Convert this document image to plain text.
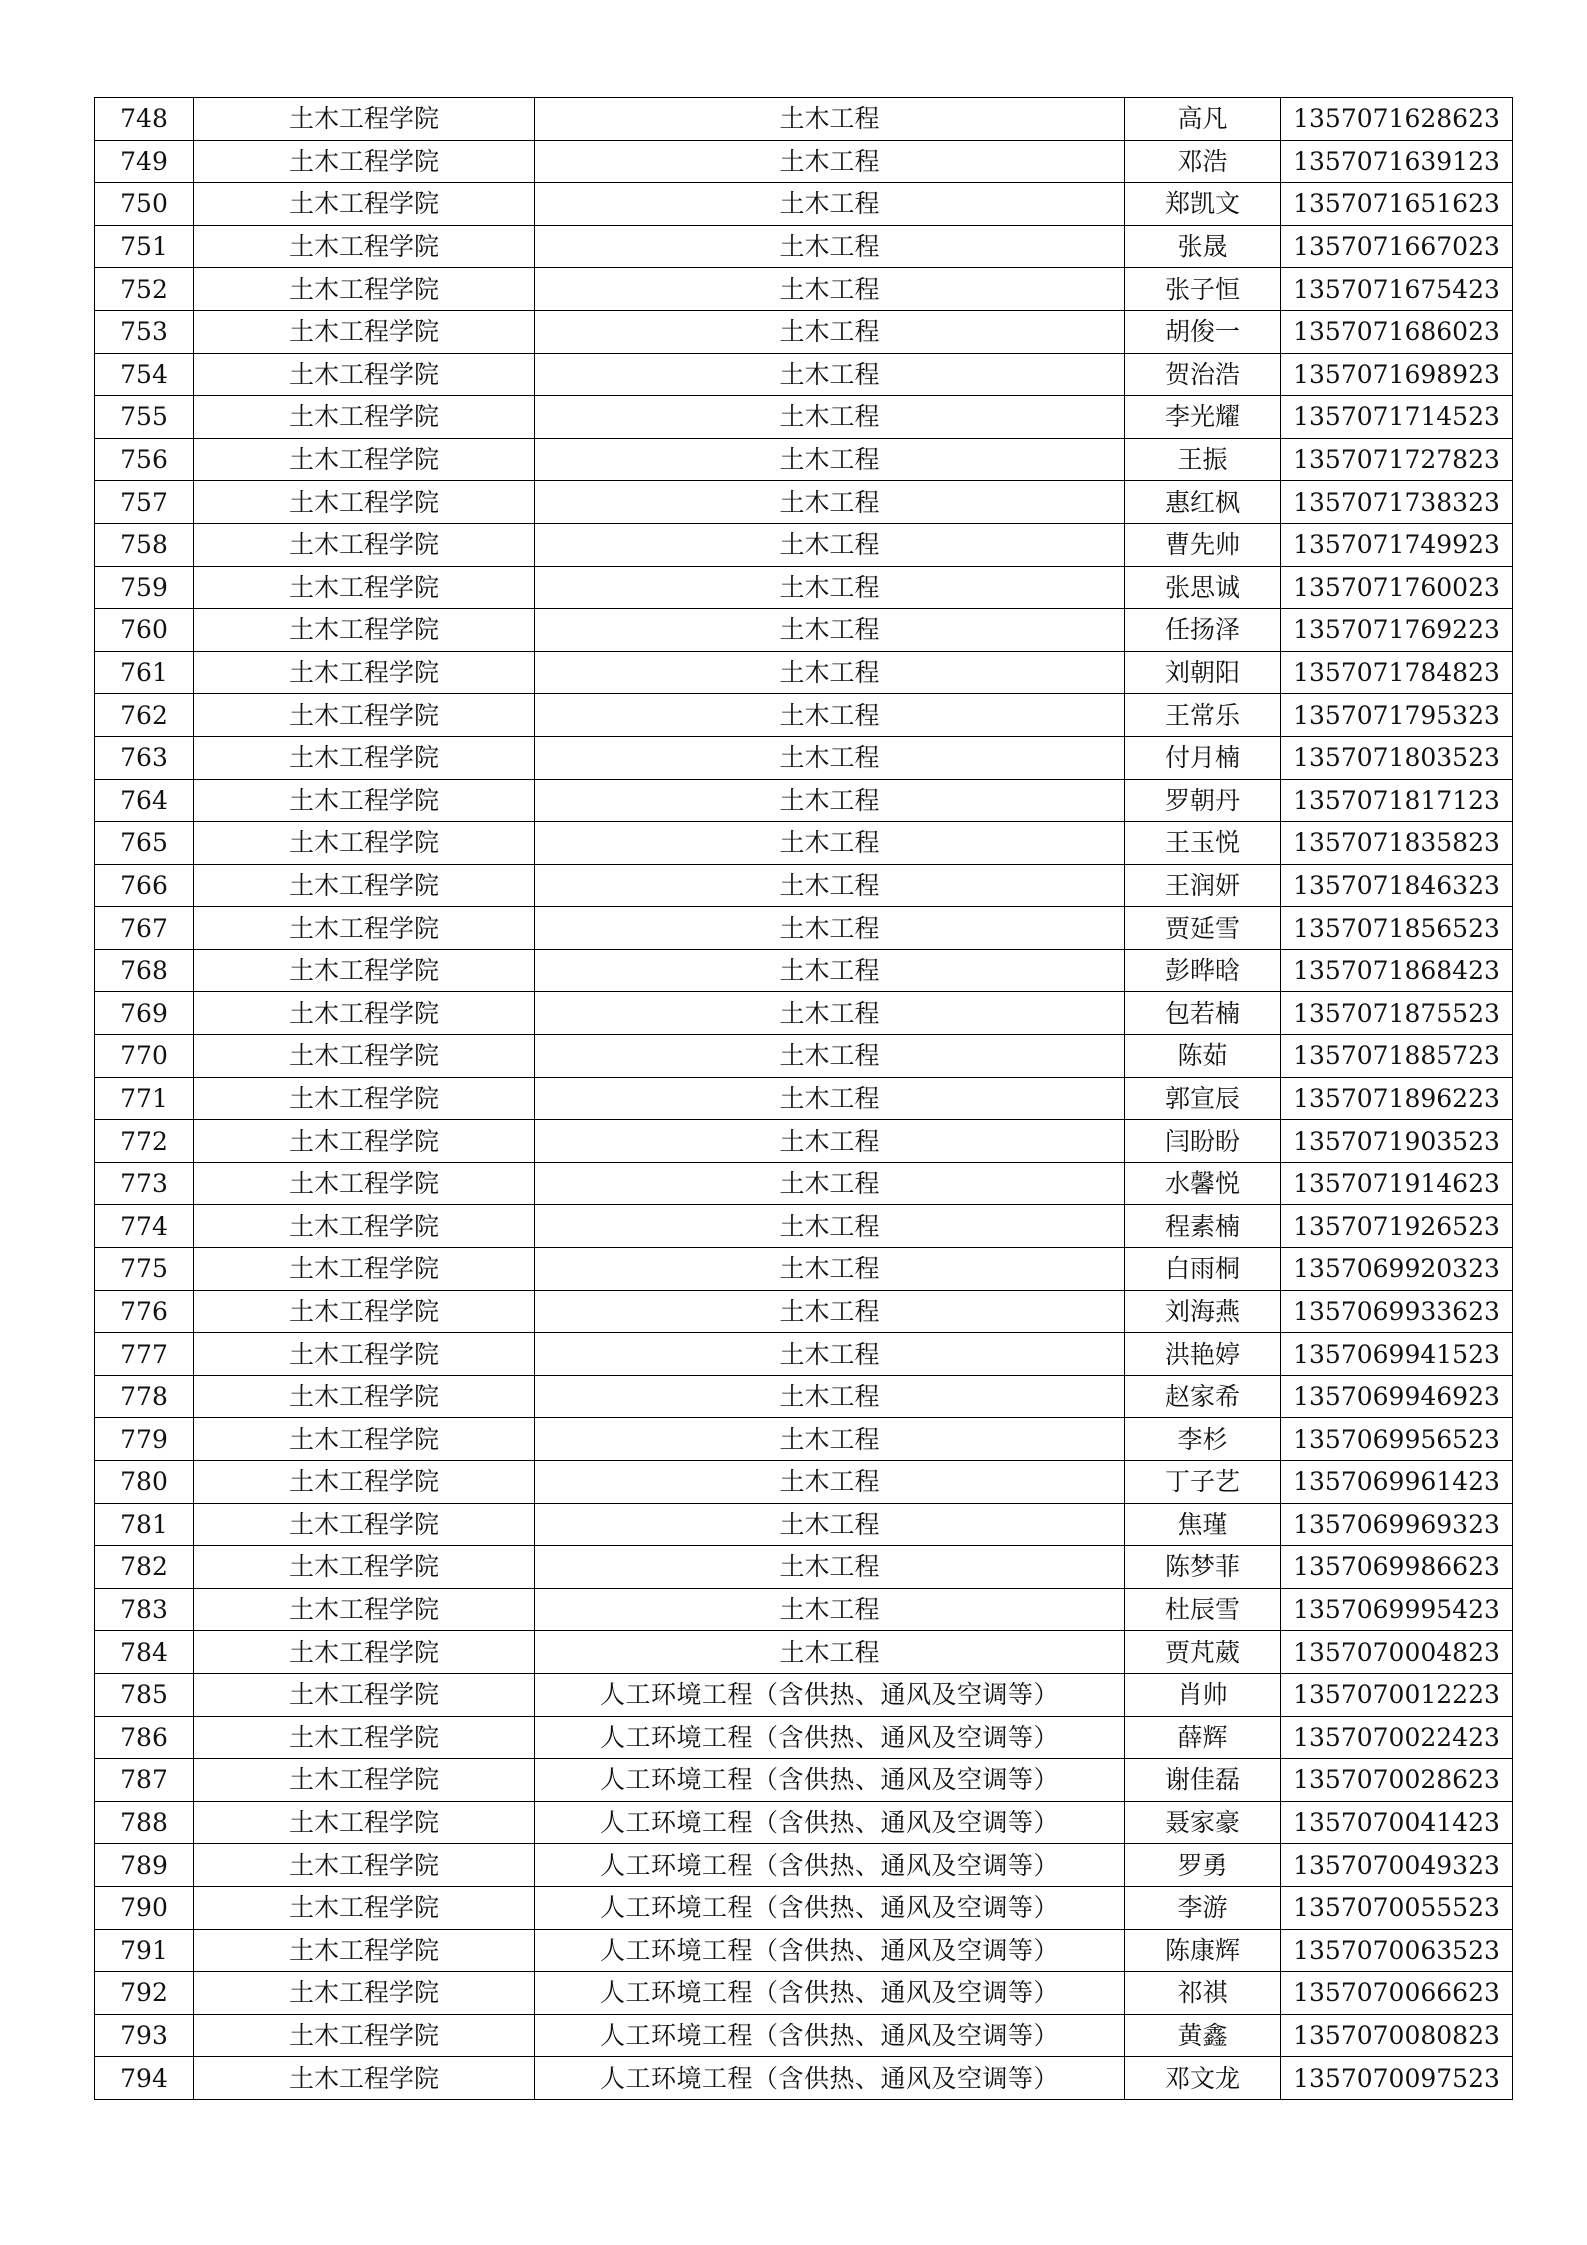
748	土木工程学院	土木工程	高凡	1357071628623
749	土木工程学院	土木工程	邓浩	1357071639123
750	土木工程学院	土木工程	郑凯文	1357071651623
751	土木工程学院	土木工程	张晟	1357071667023
752	土木工程学院	土木工程	张子恒	1357071675423
753	土木工程学院	土木工程	胡俊一	1357071686023
754	土木工程学院	土木工程	贺治浩	1357071698923
755	土木工程学院	土木工程	李光耀	1357071714523
756	土木工程学院	土木工程	王振	1357071727823
757	土木工程学院	土木工程	惠红枫	1357071738323
758	土木工程学院	土木工程	曹先帅	1357071749923
759	土木工程学院	土木工程	张思诚	1357071760023
760	土木工程学院	土木工程	任扬泽	1357071769223
761	土木工程学院	土木工程	刘朝阳	1357071784823
762	土木工程学院	土木工程	王常乐	1357071795323
763	土木工程学院	土木工程	付月楠	1357071803523
764	土木工程学院	土木工程	罗朝丹	1357071817123
765	土木工程学院	土木工程	王玉悦	1357071835823
766	土木工程学院	土木工程	王润妍	1357071846323
767	土木工程学院	土木工程	贾延雪	1357071856523
768	土木工程学院	土木工程	彭晔晗	1357071868423
769	土木工程学院	土木工程	包若楠	1357071875523
770	土木工程学院	土木工程	陈茹	1357071885723
771	土木工程学院	土木工程	郭宣辰	1357071896223
772	土木工程学院	土木工程	闫盼盼	1357071903523
773	土木工程学院	土木工程	水馨悦	1357071914623
774	土木工程学院	土木工程	程素楠	1357071926523
775	土木工程学院	土木工程	白雨桐	1357069920323
776	土木工程学院	土木工程	刘海燕	1357069933623
777	土木工程学院	土木工程	洪艳婷	1357069941523
778	土木工程学院	土木工程	赵家希	1357069946923
779	土木工程学院	土木工程	李杉	1357069956523
780	土木工程学院	土木工程	丁子艺	1357069961423
781	土木工程学院	土木工程	焦瑾	1357069969323
782	土木工程学院	土木工程	陈梦菲	1357069986623
783	土木工程学院	土木工程	杜辰雪	1357069995423
784	土木工程学院	土木工程	贾芃葳	1357070004823
785	土木工程学院	人工环境工程（含供热、通风及空调等）	肖帅	1357070012223
786	土木工程学院	人工环境工程（含供热、通风及空调等）	薛辉	1357070022423
787	土木工程学院	人工环境工程（含供热、通风及空调等）	谢佳磊	1357070028623
788	土木工程学院	人工环境工程（含供热、通风及空调等）	聂家豪	1357070041423
789	土木工程学院	人工环境工程（含供热、通风及空调等）	罗勇	1357070049323
790	土木工程学院	人工环境工程（含供热、通风及空调等）	李游	1357070055523
791	土木工程学院	人工环境工程（含供热、通风及空调等）	陈康辉	1357070063523
792	土木工程学院	人工环境工程（含供热、通风及空调等）	祁祺	1357070066623
793	土木工程学院	人工环境工程（含供热、通风及空调等）	黄鑫	1357070080823
794	土木工程学院	人工环境工程（含供热、通风及空调等）	邓文龙	1357070097523
